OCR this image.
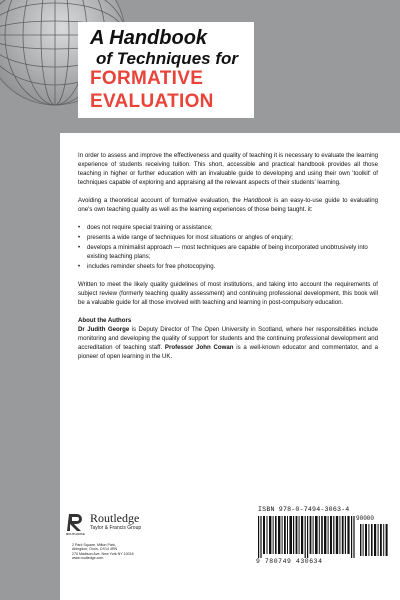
A Handbook
of Techniques for
FORMATIVE
EVALUATION

In order to assess and improve the effectiveness and quality of teaching it is necessary to evaluate the learning experience of students receiving tuition. This short, accessible and practical handbook provides all those teaching in higher or further education with an invaluable guide to developing and using their own 'toolkit' of techniques capable of exploring and appraising all the relevant aspects of their students' learning.

Avoiding a theoretical account of formative evaluation, the Handbook is an easy-to-use guide to evaluating one's own teaching quality as well as the learning experiences of those being taught. it:

• does not require special training or assistance;
• presents a wide range of techniques for most situations or angles of enquiry;
• develops a minimalist approach — most techniques are capable of being incorporated unobtrusively into existing teaching plans;
• includes reminder sheets for free photocopying.

Written to meet the likely quality guidelines of most institutions, and taking into account the requirements of subject review (formerly teaching quality assessment) and continuing professional development, this book will be a valuable guide for all those involved with teaching and learning in post-compulsory education.

About the Authors

Dr Judith George is Deputy Director of The Open University in Scotland, where her responsibilities include monitoring and developing the quality of support for students and the continuing professional development and accreditation of teaching staff. Professor John Cowan is a well-known educator and commentator, and a pioneer of open learning in the UK.

ROUTLEDGE
Routledge
Taylor & Francis Group
2 Park Square, Milton Park,
Abingdon, Oxon, OX14 4RN
270 Madison Ave, New York NY 10016
www.routledge.com
ISBN 978-0-7494-3063-4
90000
9 780749 430634
